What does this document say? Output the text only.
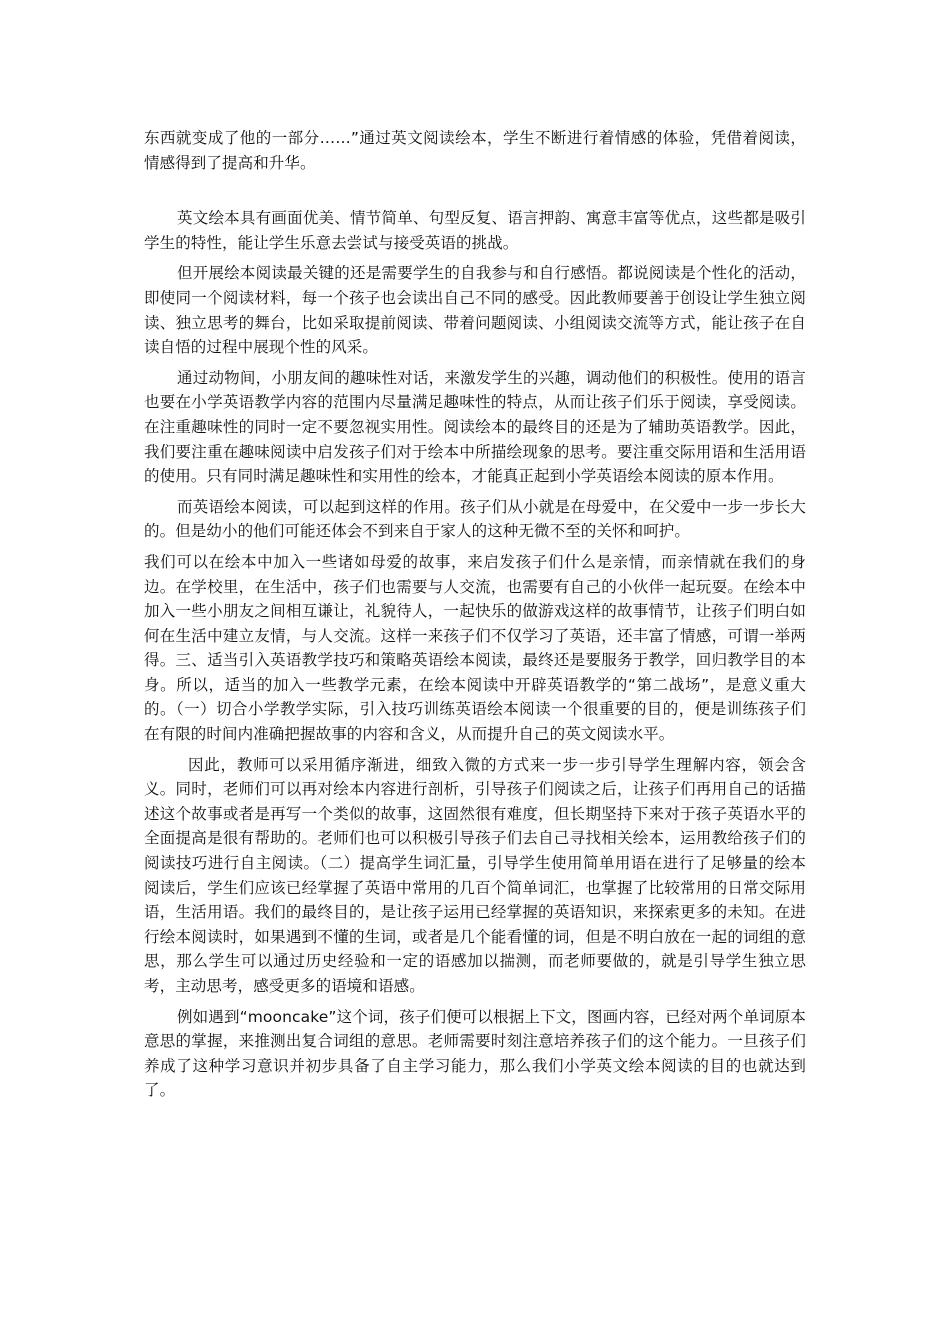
东西就变成了他的一部分……”通过英文阅读绘本，学生不断进行着情感的体验，凭借着阅读，情感得到了提高和升华。

英文绘本具有画面优美、情节简单、句型反复、语言押韵、寓意丰富等优点，这些都是吸引学生的特性，能让学生乐意去尝试与接受英语的挑战。

但开展绘本阅读最关键的还是需要学生的自我参与和自行感悟。都说阅读是个性化的活动，即使同一个阅读材料，每一个孩子也会读出自己不同的感受。因此教师要善于创设让学生独立阅读、独立思考的舞台，比如采取提前阅读、带着问题阅读、小组阅读交流等方式，能让孩子在自读自悟的过程中展现个性的风采。

通过动物间，小朋友间的趣味性对话，来激发学生的兴趣，调动他们的积极性。使用的语言也要在小学英语教学内容的范围内尽量满足趣味性的特点，从而让孩子们乐于阅读，享受阅读。在注重趣味性的同时一定不要忽视实用性。阅读绘本的最终目的还是为了辅助英语教学。因此，我们要注重在趣味阅读中启发孩子们对于绘本中所描绘现象的思考。要注重交际用语和生活用语的使用。只有同时满足趣味性和实用性的绘本，才能真正起到小学英语绘本阅读的原本作用。

而英语绘本阅读，可以起到这样的作用。孩子们从小就是在母爱中，在父爱中一步一步长大的。但是幼小的他们可能还体会不到来自于家人的这种无微不至的关怀和呵护。

我们可以在绘本中加入一些诸如母爱的故事，来启发孩子们什么是亲情，而亲情就在我们的身边。在学校里，在生活中，孩子们也需要与人交流，也需要有自己的小伙伴一起玩耍。在绘本中加入一些小朋友之间相互谦让，礼貌待人，一起快乐的做游戏这样的故事情节，让孩子们明白如何在生活中建立友情，与人交流。这样一来孩子们不仅学习了英语，还丰富了情感，可谓一举两得。三、适当引入英语教学技巧和策略英语绘本阅读，最终还是要服务于教学，回归教学目的本身。所以，适当的加入一些教学元素，在绘本阅读中开辟英语教学的“第二战场”，是意义重大的。（一）切合小学教学实际，引入技巧训练英语绘本阅读一个很重要的目的，便是训练孩子们在有限的时间内准确把握故事的内容和含义，从而提升自己的英文阅读水平。

因此，教师可以采用循序渐进，细致入微的方式来一步一步引导学生理解内容，领会含义。同时，老师们可以再对绘本内容进行剖析，引导孩子们阅读之后，让孩子们再用自己的话描述这个故事或者是再写一个类似的故事，这固然很有难度，但长期坚持下来对于孩子英语水平的全面提高是很有帮助的。老师们也可以积极引导孩子们去自己寻找相关绘本，运用教给孩子们的阅读技巧进行自主阅读。（二）提高学生词汇量，引导学生使用简单用语在进行了足够量的绘本阅读后，学生们应该已经掌握了英语中常用的几百个简单词汇，也掌握了比较常用的日常交际用语，生活用语。我们的最终目的，是让孩子运用已经掌握的英语知识，来探索更多的未知。在进行绘本阅读时，如果遇到不懂的生词，或者是几个能看懂的词，但是不明白放在一起的词组的意思，那么学生可以通过历史经验和一定的语感加以揣测，而老师要做的，就是引导学生独立思考，主动思考，感受更多的语境和语感。

例如遇到“mooncake”这个词，孩子们便可以根据上下文，图画内容，已经对两个单词原本意思的掌握，来推测出复合词组的意思。老师需要时刻注意培养孩子们的这个能力。一旦孩子们养成了这种学习意识并初步具备了自主学习能力，那么我们小学英文绘本阅读的目的也就达到了。
